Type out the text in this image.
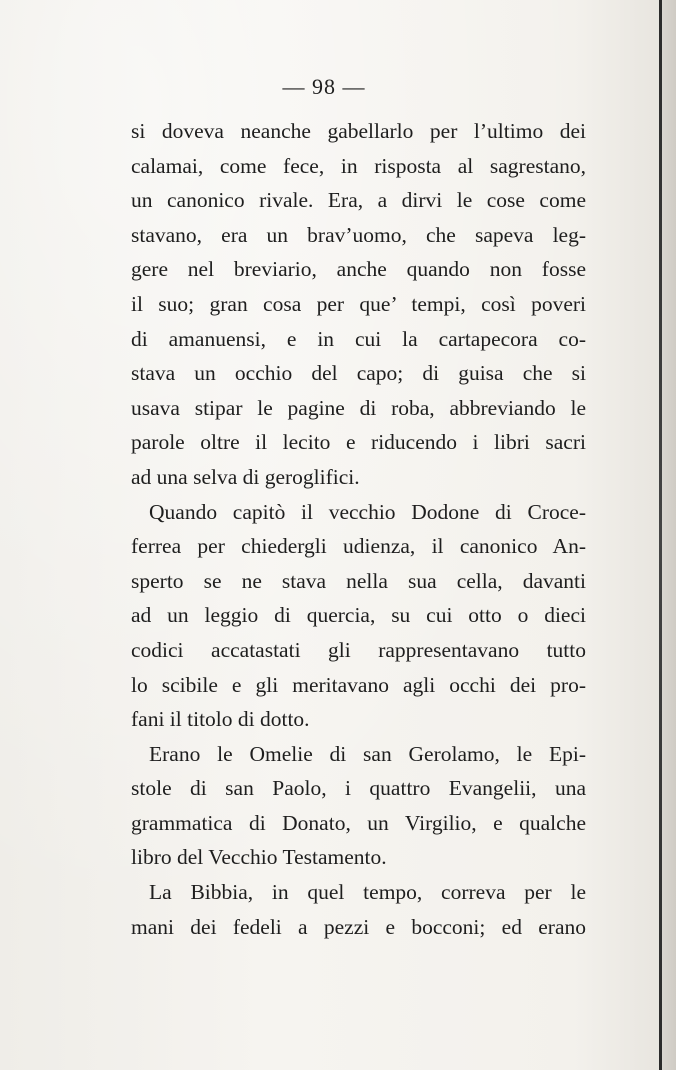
— 98 —
si doveva neanche gabellarlo per l’ultimo dei
calamai, come fece, in risposta al sagrestano,
un canonico rivale. Era, a dirvi le cose come
stavano, era un brav’uomo, che sapeva leg-
gere nel breviario, anche quando non fosse
il suo; gran cosa per que’ tempi, così poveri
di amanuensi, e in cui la cartapecora co-
stava un occhio del capo; di guisa che si
usava stipar le pagine di roba, abbreviando le
parole oltre il lecito e riducendo i libri sacri
ad una selva di geroglifici.
Quando capitò il vecchio Dodone di Croce-
ferrea per chiedergli udienza, il canonico An-
sperto se ne stava nella sua cella, davanti
ad un leggio di quercia, su cui otto o dieci
codici accatastati gli rappresentavano tutto
lo scibile e gli meritavano agli occhi dei pro-
fani il titolo di dotto.
Erano le Omelie di san Gerolamo, le Epi-
stole di san Paolo, i quattro Evangelii, una
grammatica di Donato, un Virgilio, e qualche
libro del Vecchio Testamento.
La Bibbia, in quel tempo, correva per le
mani dei fedeli a pezzi e bocconi; ed erano
